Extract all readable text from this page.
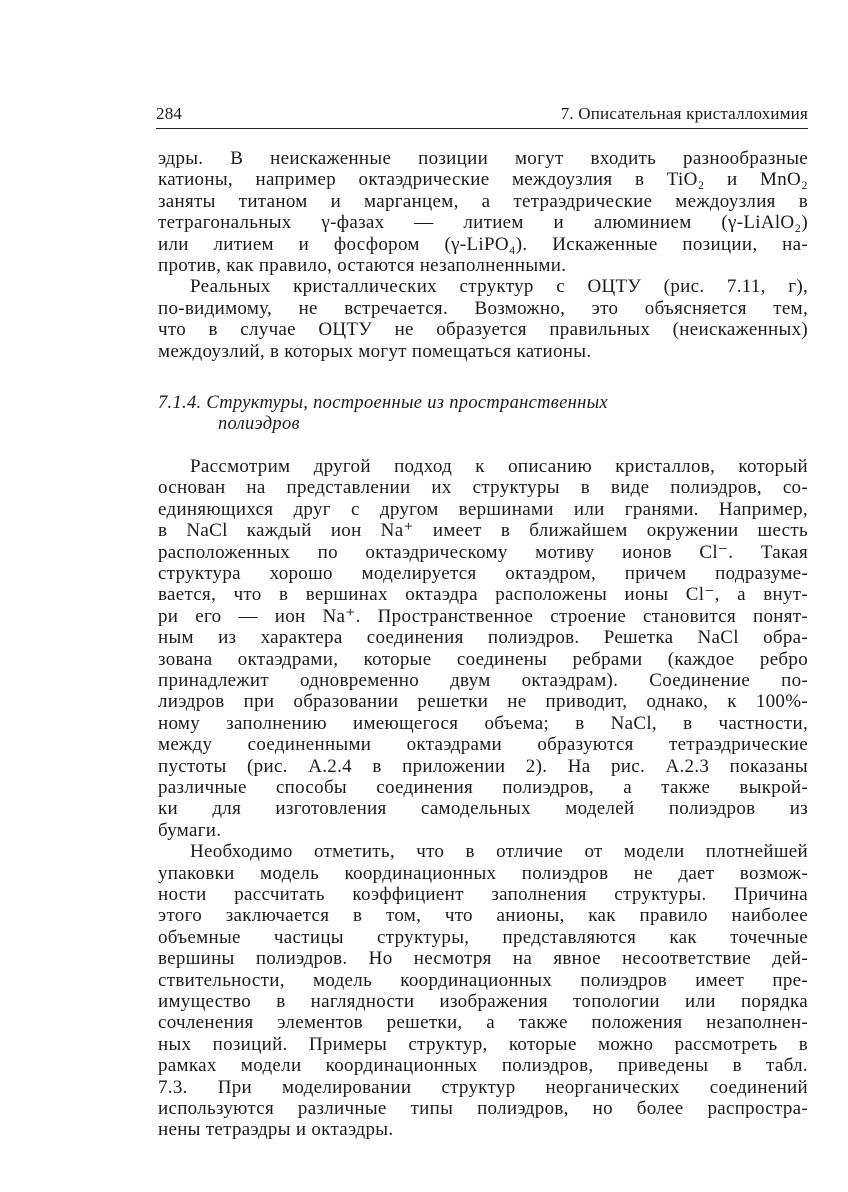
284	7. Описательная кристаллохимия

эдры. В неискаженные позиции могут входить разнообразные
катионы, например октаэдрические междоузлия в TiO₂ и MnO₂
заняты титаном и марганцем, а тетраэдрические междоузлия в
тетрагональных γ-фазах — литием и алюминием (γ-LiAlO₂)
или литием и фосфором (γ-LiPO₄). Искаженные позиции, на-
против, как правило, остаются незаполненными.

Реальных кристаллических структур с ОЦТУ (рис. 7.11, г),
по-видимому, не встречается. Возможно, это объясняется тем,
что в случае ОЦТУ не образуется правильных (неискаженных)
междоузлий, в которых могут помещаться катионы.

7.1.4. Структуры, построенные из пространственных
полиэдров

Рассмотрим другой подход к описанию кристаллов, который
основан на представлении их структуры в виде полиэдров, со-
единяющихся друг с другом вершинами или гранями. Например,
в NaCl каждый ион Na⁺ имеет в ближайшем окружении шесть
расположенных по октаэдрическому мотиву ионов Cl⁻. Такая
структура хорошо моделируется октаэдром, причем подразуме-
вается, что в вершинах октаэдра расположены ионы Cl⁻, а внут-
ри его — ион Na⁺. Пространственное строение становится понят-
ным из характера соединения полиэдров. Решетка NaCl обра-
зована октаэдрами, которые соединены ребрами (каждое ребро
принадлежит одновременно двум октаэдрам). Соединение по-
лиэдров при образовании решетки не приводит, однако, к 100%-
ному заполнению имеющегося объема; в NaCl, в частности,
между соединенными октаэдрами образуются тетраэдрические
пустоты (рис. A.2.4 в приложении 2). На рис. A.2.3 показаны
различные способы соединения полиэдров, а также выкрой-
ки для изготовления самодельных моделей полиэдров из
бумаги.

Необходимо отметить, что в отличие от модели плотнейшей
упаковки модель координационных полиэдров не дает возмож-
ности рассчитать коэффициент заполнения структуры. Причина
этого заключается в том, что анионы, как правило наиболее
объемные частицы структуры, представляются как точечные
вершины полиэдров. Но несмотря на явное несоответствие дей-
ствительности, модель координационных полиэдров имеет пре-
имущество в наглядности изображения топологии или порядка
сочленения элементов решетки, а также положения незаполнен-
ных позиций. Примеры структур, которые можно рассмотреть в
рамках модели координационных полиэдров, приведены в табл.
7.3. При моделировании структур неорганических соединений
используются различные типы полиэдров, но более распростра-
нены тетраэдры и октаэдры.
